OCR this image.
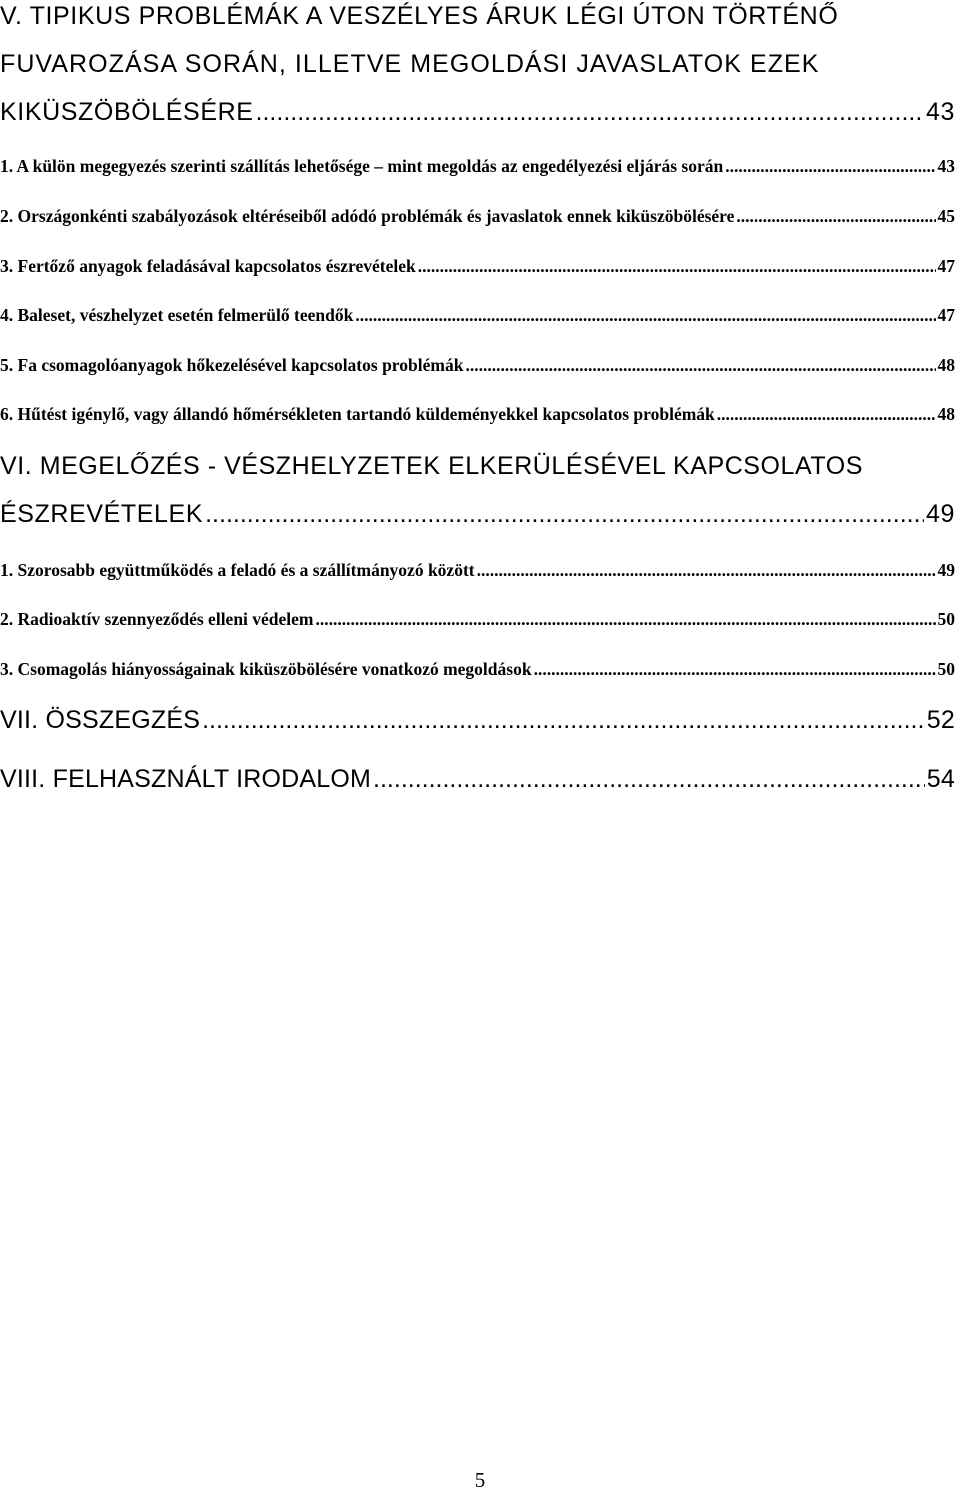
V. TIPIKUS PROBLÉMÁK A VESZÉLYES ÁRUK LÉGI ÚTON TÖRTÉNŐ
FUVAROZÁSA SORÁN, ILLETVE MEGOLDÁSI JAVASLATOK EZEK
KIKÜSZÖBÖLÉSÉRE .....	43
1. A külön megegyezés szerinti szállítás lehetősége – mint megoldás az engedélyezési eljárás során .....	43
2. Országonkénti szabályozások eltéréseiből adódó problémák és javaslatok ennek kiküszöbölésére .....	45
3. Fertőző anyagok feladásával kapcsolatos észrevételek .....	47
4. Baleset, vészhelyzet esetén felmerülő teendők .....	47
5. Fa csomagolóanyagok hőkezelésével kapcsolatos problémák .....	48
6. Hűtést igénylő, vagy állandó hőmérsékleten tartandó küldeményekkel kapcsolatos problémák .....	48
VI. MEGELŐZÉS - VÉSZHELYZETEK ELKERÜLÉSÉVEL KAPCSOLATOS
ÉSZREVÉTELEK .....	49
1. Szorosabb együttműködés a feladó és a szállítmányozó között .....	49
2. Radioaktív szennyeződés elleni védelem .....	50
3. Csomagolás hiányosságainak kiküszöbölésére vonatkozó megoldások .....	50
VII. ÖSSZEGZÉS .....	52
VIII. FELHASZNÁLT IRODALOM .....	54
5
